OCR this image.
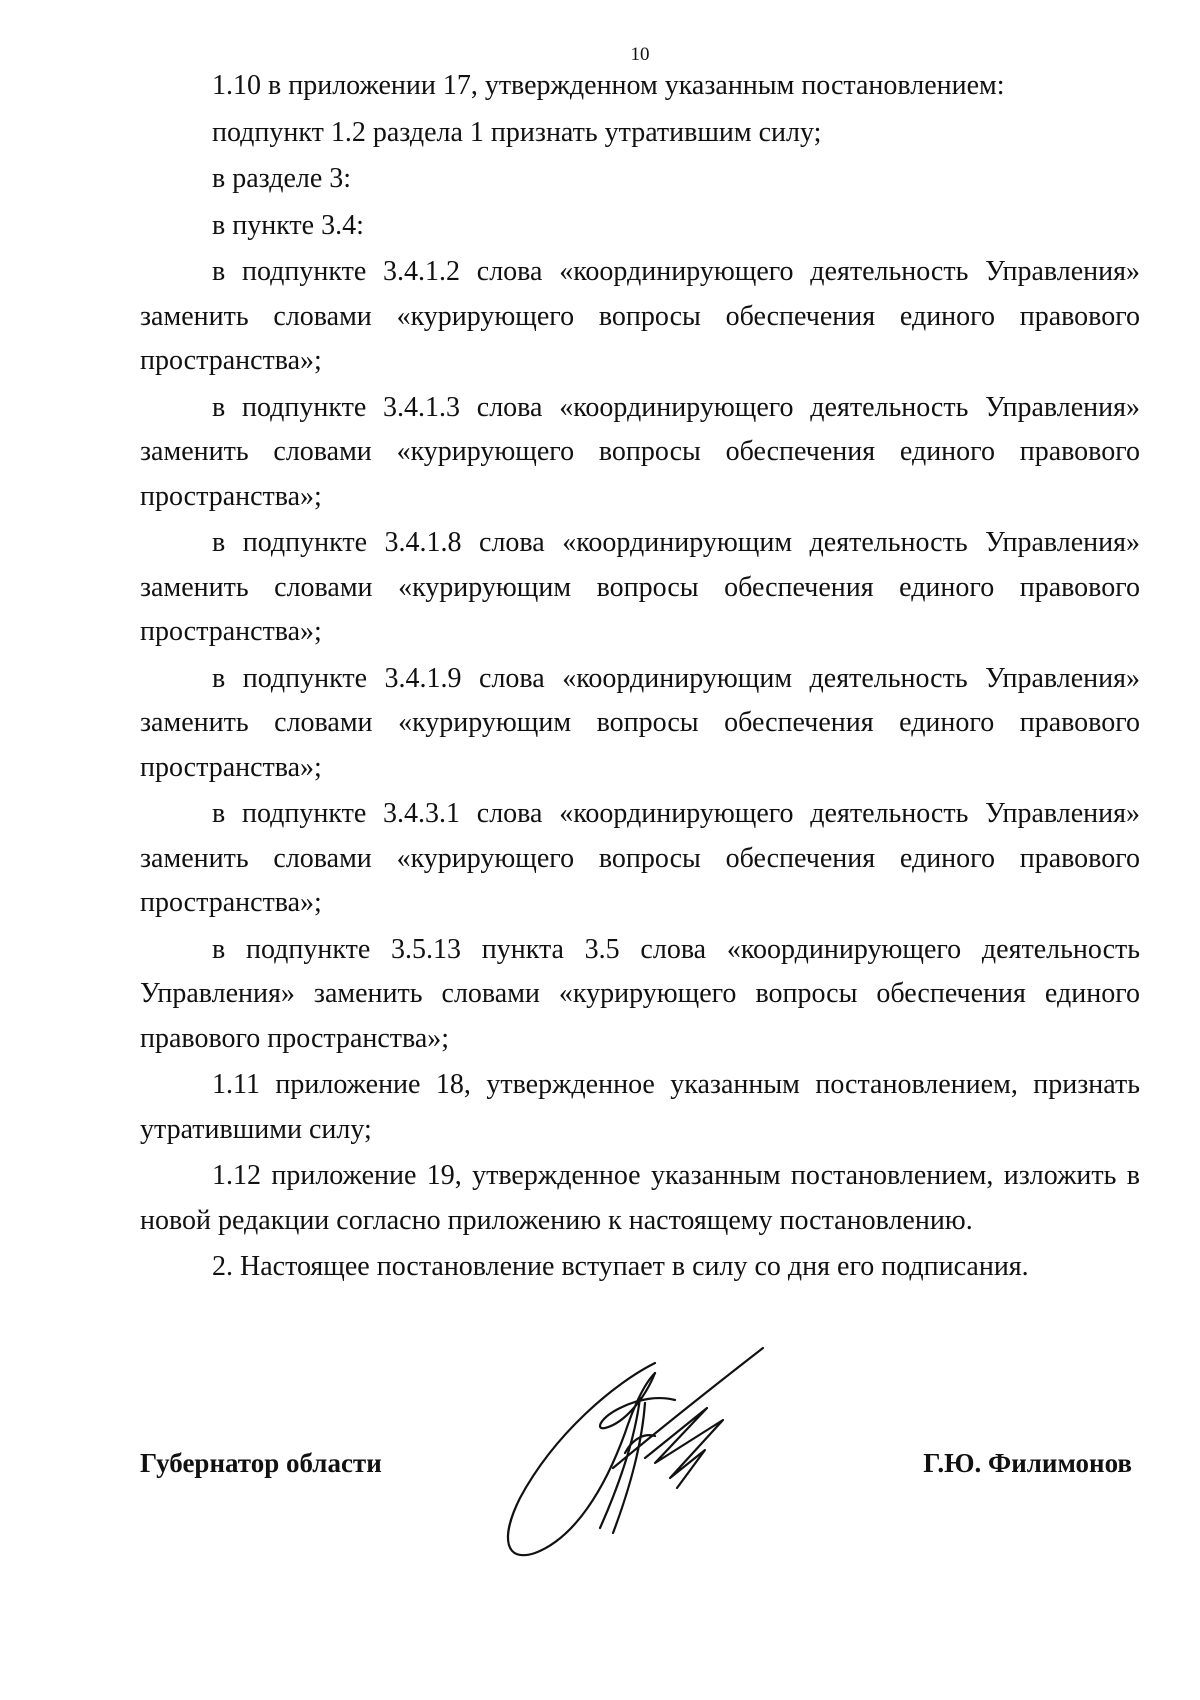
10

1.10 в приложении 17, утвержденном указанным постановлением:

подпункт 1.2 раздела 1 признать утратившим силу;

в разделе 3:

в пункте 3.4:

в подпункте 3.4.1.2 слова «координирующего деятельность Управления» заменить словами «курирующего вопросы обеспечения единого правового пространства»;

в подпункте 3.4.1.3 слова «координирующего деятельность Управления» заменить словами «курирующего вопросы обеспечения единого правового пространства»;

в подпункте 3.4.1.8 слова «координирующим деятельность Управления» заменить словами «курирующим вопросы обеспечения единого правового пространства»;

в подпункте 3.4.1.9 слова «координирующим деятельность Управления» заменить словами «курирующим вопросы обеспечения единого правового пространства»;

в подпункте 3.4.3.1 слова «координирующего деятельность Управления» заменить словами «курирующего вопросы обеспечения единого правового пространства»;

в подпункте 3.5.13 пункта 3.5 слова «координирующего деятельность Управления» заменить словами «курирующего вопросы обеспечения единого правового пространства»;

1.11 приложение 18, утвержденное указанным постановлением, признать утратившими силу;

1.12 приложение 19, утвержденное указанным постановлением, изложить в новой редакции согласно приложению к настоящему постановлению.

2. Настоящее постановление вступает в силу со дня его подписания.

Губернатор области	Г.Ю. Филимонов
